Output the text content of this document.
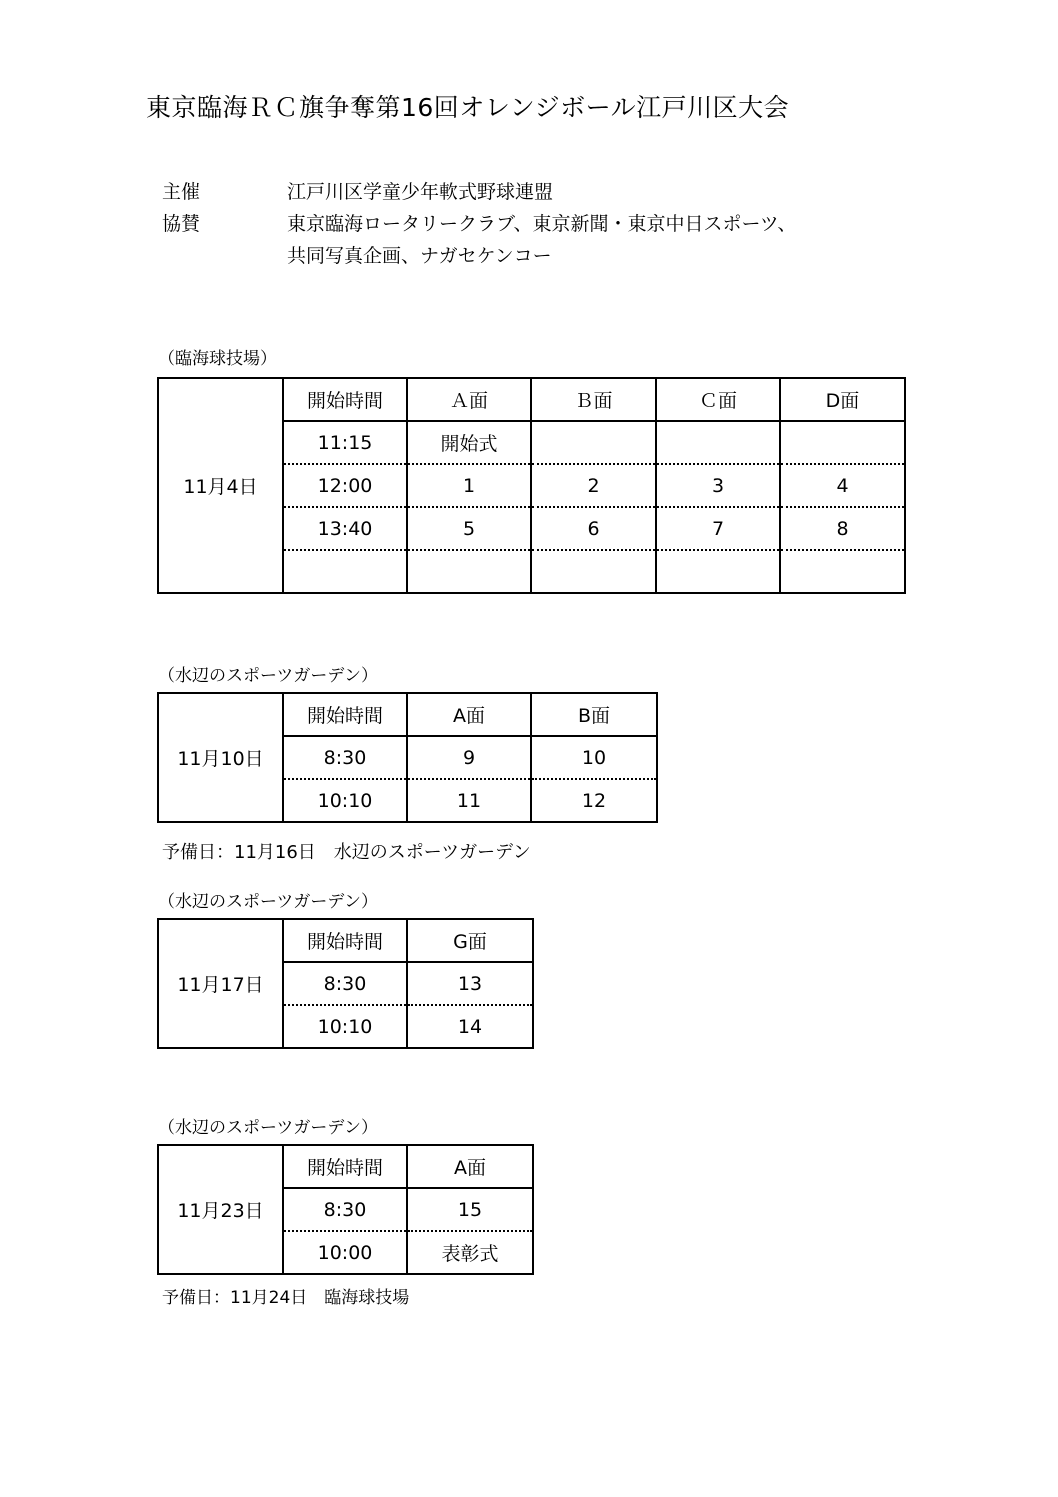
東京臨海ＲＣ旗争奪第16回オレンジボール江戸川区大会
主催	江戸川区学童少年軟式野球連盟
協賛	東京臨海ロータリークラブ、東京新聞・東京中日スポーツ、
共同写真企画、ナガセケンコー
（臨海球技場）
11月4日	開始時間	Ａ面	Ｂ面	Ｃ面	D面
	11:15	開始式			
	12:00	1	2	3	4
	13:40	5	6	7	8

（水辺のスポーツガーデン）
11月10日	開始時間	A面	B面
	8:30	9	10
	10:10	11	12
予備日：11月16日　水辺のスポーツガーデン
（水辺のスポーツガーデン）
11月17日	開始時間	G面
	8:30	13
	10:10	14
（水辺のスポーツガーデン）
11月23日	開始時間	A面
	8:30	15
	10:00	表彰式
予備日：11月24日　臨海球技場
